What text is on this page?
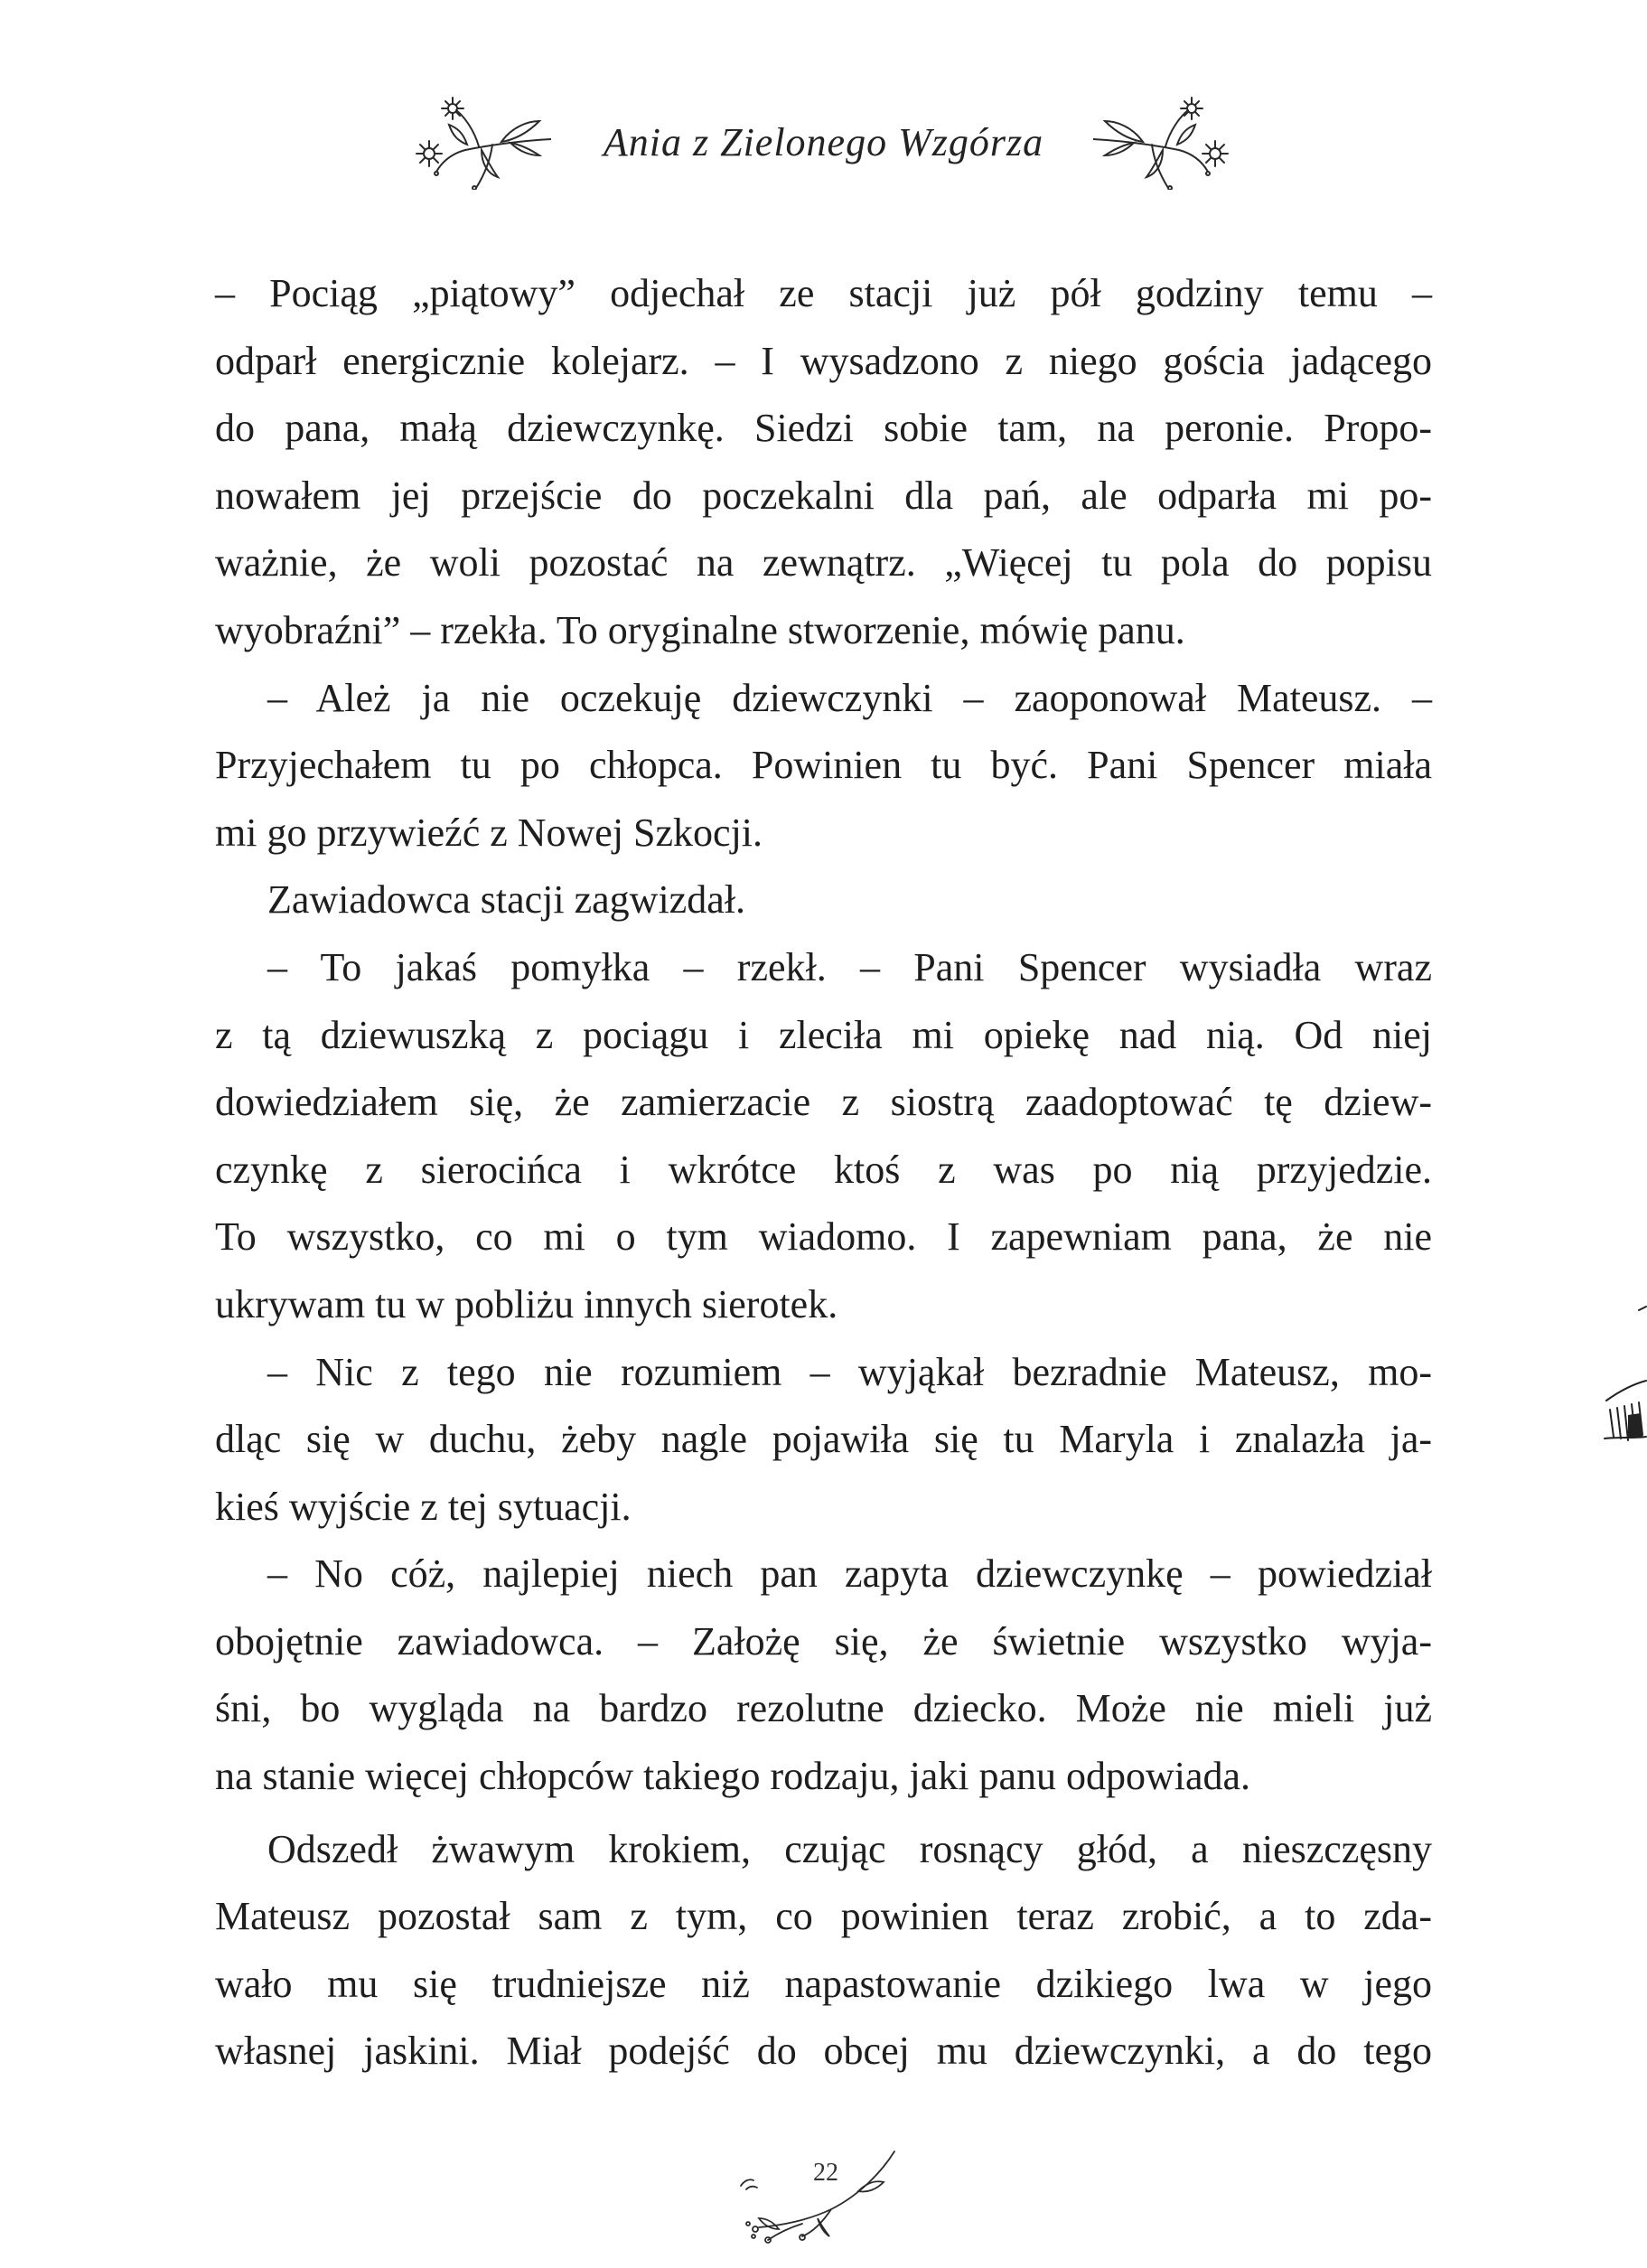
Ania z Zielonego Wzgórza
– Pociąg „piątowy” odjechał ze stacji już pół godziny temu –
odparł energicznie kolejarz. – I wysadzono z niego gościa jadącego
do pana, małą dziewczynkę. Siedzi sobie tam, na peronie. Propo-
nowałem jej przejście do poczekalni dla pań, ale odparła mi po-
ważnie, że woli pozostać na zewnątrz. „Więcej tu pola do popisu
wyobraźni” – rzekła. To oryginalne stworzenie, mówię panu.
– Ależ ja nie oczekuję dziewczynki – zaoponował Mateusz. –
Przyjechałem tu po chłopca. Powinien tu być. Pani Spencer miała
mi go przywieźć z Nowej Szkocji.
Zawiadowca stacji zagwizdał.
– To jakaś pomyłka – rzekł. – Pani Spencer wysiadła wraz
z tą dziewuszką z pociągu i zleciła mi opiekę nad nią. Od niej
dowiedziałem się, że zamierzacie z siostrą zaadoptować tę dziew-
czynkę z sierocińca i wkrótce ktoś z was po nią przyjedzie.
To wszystko, co mi o tym wiadomo. I zapewniam pana, że nie
ukrywam tu w pobliżu innych sierotek.
– Nic z tego nie rozumiem – wyjąkał bezradnie Mateusz, mo-
dląc się w duchu, żeby nagle pojawiła się tu Maryla i znalazła ja-
kieś wyjście z tej sytuacji.
– No cóż, najlepiej niech pan zapyta dziewczynkę – powiedział
obojętnie zawiadowca. – Założę się, że świetnie wszystko wyja-
śni, bo wygląda na bardzo rezolutne dziecko. Może nie mieli już
na stanie więcej chłopców takiego rodzaju, jaki panu odpowiada.
Odszedł żwawym krokiem, czując rosnący głód, a nieszczęsny
Mateusz pozostał sam z tym, co powinien teraz zrobić, a to zda-
wało mu się trudniejsze niż napastowanie dzikiego lwa w jego
własnej jaskini. Miał podejść do obcej mu dziewczynki, a do tego
22
